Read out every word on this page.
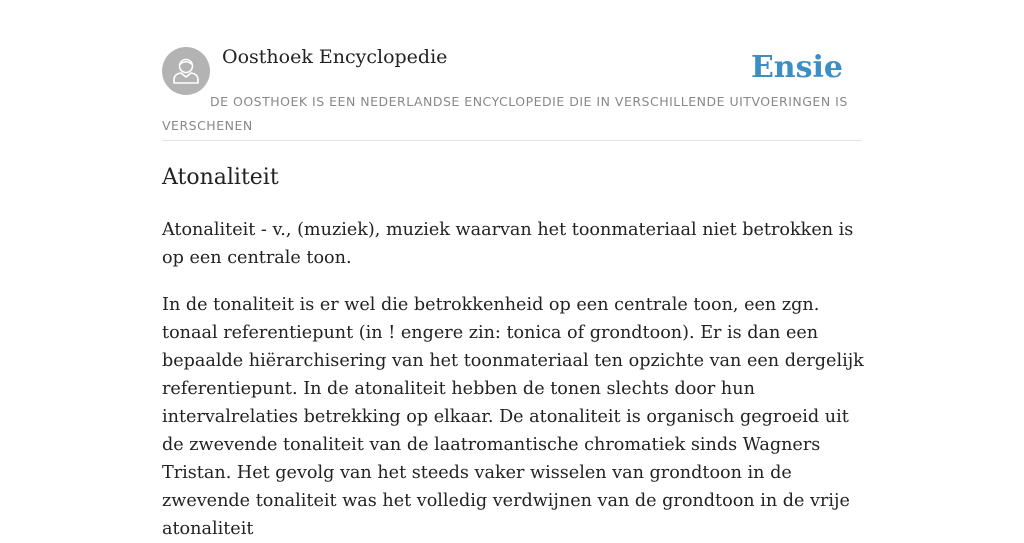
Oosthoek Encyclopedie	Ensie
DE OOSTHOEK IS EEN NEDERLANDSE ENCYCLOPEDIE DIE IN VERSCHILLENDE UITVOERINGEN IS VERSCHENEN
Atonaliteit

Atonaliteit - v., (muziek), muziek waarvan het toonmateriaal niet betrokken is op een centrale toon.

In de tonaliteit is er wel die betrokkenheid op een centrale toon, een zgn. tonaal referentiepunt (in ! engere zin: tonica of grondtoon). Er is dan een bepaalde hiërarchisering van het toonmateriaal ten opzichte van een dergelijk referentiepunt. In de atonaliteit hebben de tonen slechts door hun intervalrelaties betrekking op elkaar. De atonaliteit is organisch gegroeid uit de zwevende tonaliteit van de laatromantische chromatiek sinds Wagners Tristan. Het gevolg van het steeds vaker wisselen van grondtoon in de zwevende tonaliteit was het volledig verdwijnen van de grondtoon in de vrije atonaliteit
